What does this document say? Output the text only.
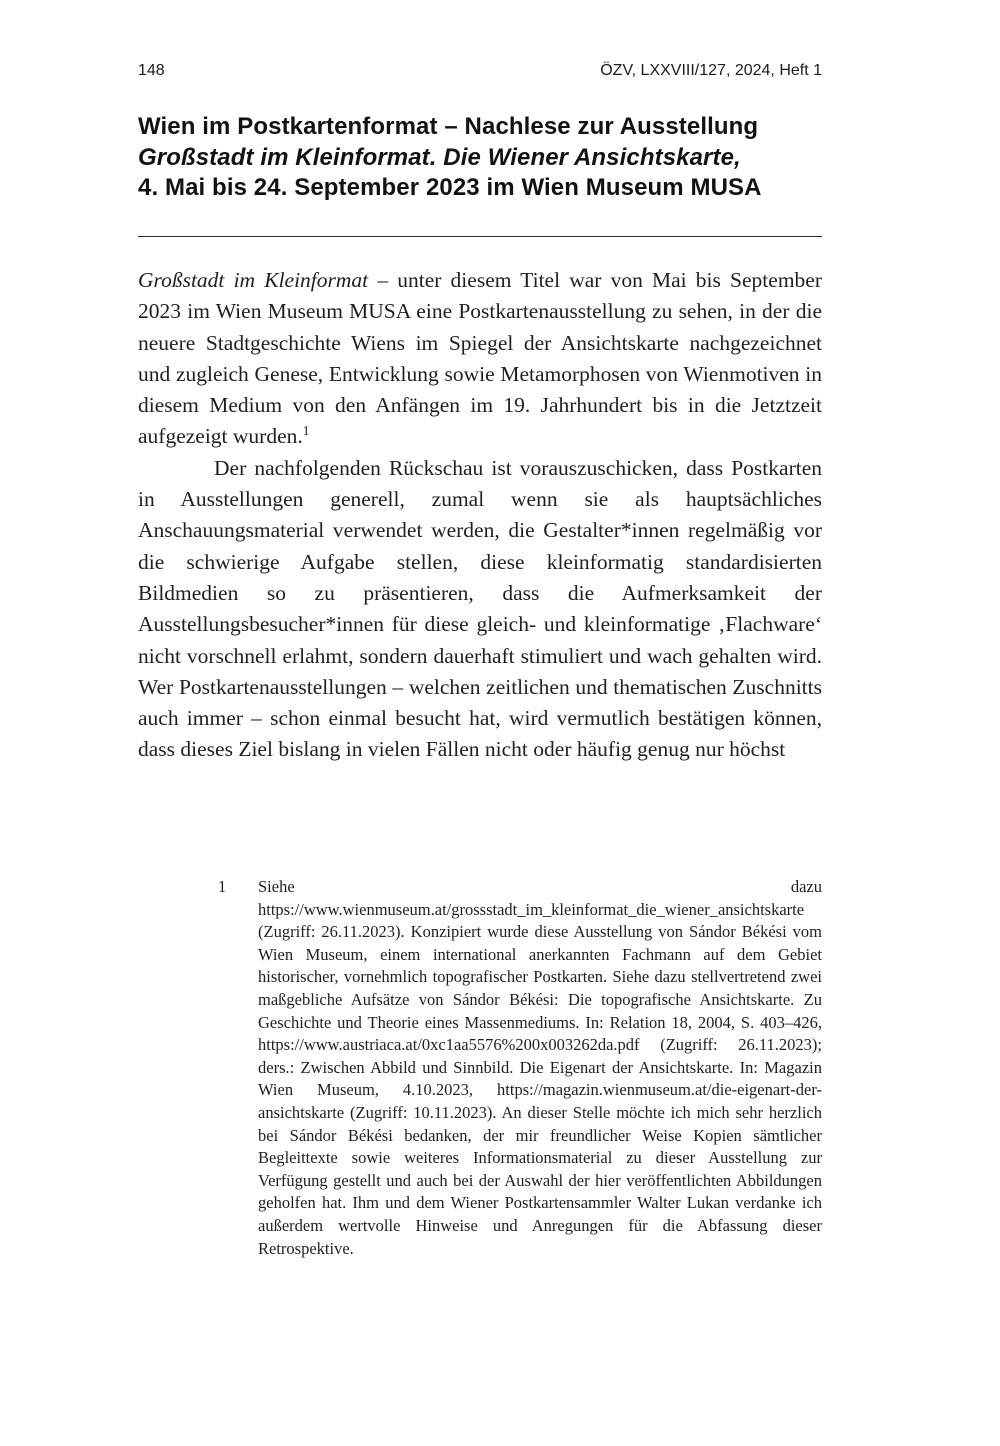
148	ÖZV, LXXVIII/127, 2024, Heft 1
Wien im Postkartenformat – Nachlese zur Ausstellung
Großstadt im Kleinformat. Die Wiener Ansichtskarte,
4. Mai bis 24. September 2023 im Wien Museum MUSA

Großstadt im Kleinformat – unter diesem Titel war von Mai bis September 2023 im Wien Museum MUSA eine Postkartenausstellung zu sehen, in der die neuere Stadtgeschichte Wiens im Spiegel der Ansichtskarte nachgezeichnet und zugleich Genese, Entwicklung sowie Metamorphosen von Wienmotiven in diesem Medium von den Anfängen im 19. Jahrhundert bis in die Jetztzeit aufgezeigt wurden.$^1$

Der nachfolgenden Rückschau ist vorauszuschicken, dass Postkarten in Ausstellungen generell, zumal wenn sie als hauptsächliches Anschauungsmaterial verwendet werden, die Gestalter*innen regelmäßig vor die schwierige Aufgabe stellen, diese kleinformatig standardisierten Bildmedien so zu präsentieren, dass die Aufmerksamkeit der Ausstellungsbesucher*innen für diese gleich- und kleinformatige ‚Flachware‘ nicht vorschnell erlahmt, sondern dauerhaft stimuliert und wach gehalten wird. Wer Postkartenausstellungen – welchen zeitlichen und thematischen Zuschnitts auch immer – schon einmal besucht hat, wird vermutlich bestätigen können, dass dieses Ziel bislang in vielen Fällen nicht oder häufig genug nur höchst

1	Siehe dazu https://www.wienmuseum.at/grossstadt_im_kleinformat_die_wiener_ansichtskarte (Zugriff: 26.11.2023). Konzipiert wurde diese Ausstellung von Sándor Békési vom Wien Museum, einem international anerkannten Fachmann auf dem Gebiet historischer, vornehmlich topografischer Postkarten. Siehe dazu stellvertretend zwei maßgebliche Aufsätze von Sándor Békési: Die topografische Ansichtskarte. Zu Geschichte und Theorie eines Massenmediums. In: Relation 18, 2004, S. 403–426, https://www.austriaca.at/0xc1aa5576%200x003262da.pdf (Zugriff: 26.11.2023); ders.: Zwischen Abbild und Sinnbild. Die Eigenart der Ansichtskarte. In: Magazin Wien Museum, 4.10.2023, https://magazin.wienmuseum.at/die-eigenart-der-ansichtskarte (Zugriff: 10.11.2023). An dieser Stelle möchte ich mich sehr herzlich bei Sándor Békési bedanken, der mir freundlicher Weise Kopien sämtlicher Begleittexte sowie weiteres Informationsmaterial zu dieser Ausstellung zur Verfügung gestellt und auch bei der Auswahl der hier veröffentlichten Abbildungen geholfen hat. Ihm und dem Wiener Postkartensammler Walter Lukan verdanke ich außerdem wertvolle Hinweise und Anregungen für die Abfassung dieser Retrospektive.
